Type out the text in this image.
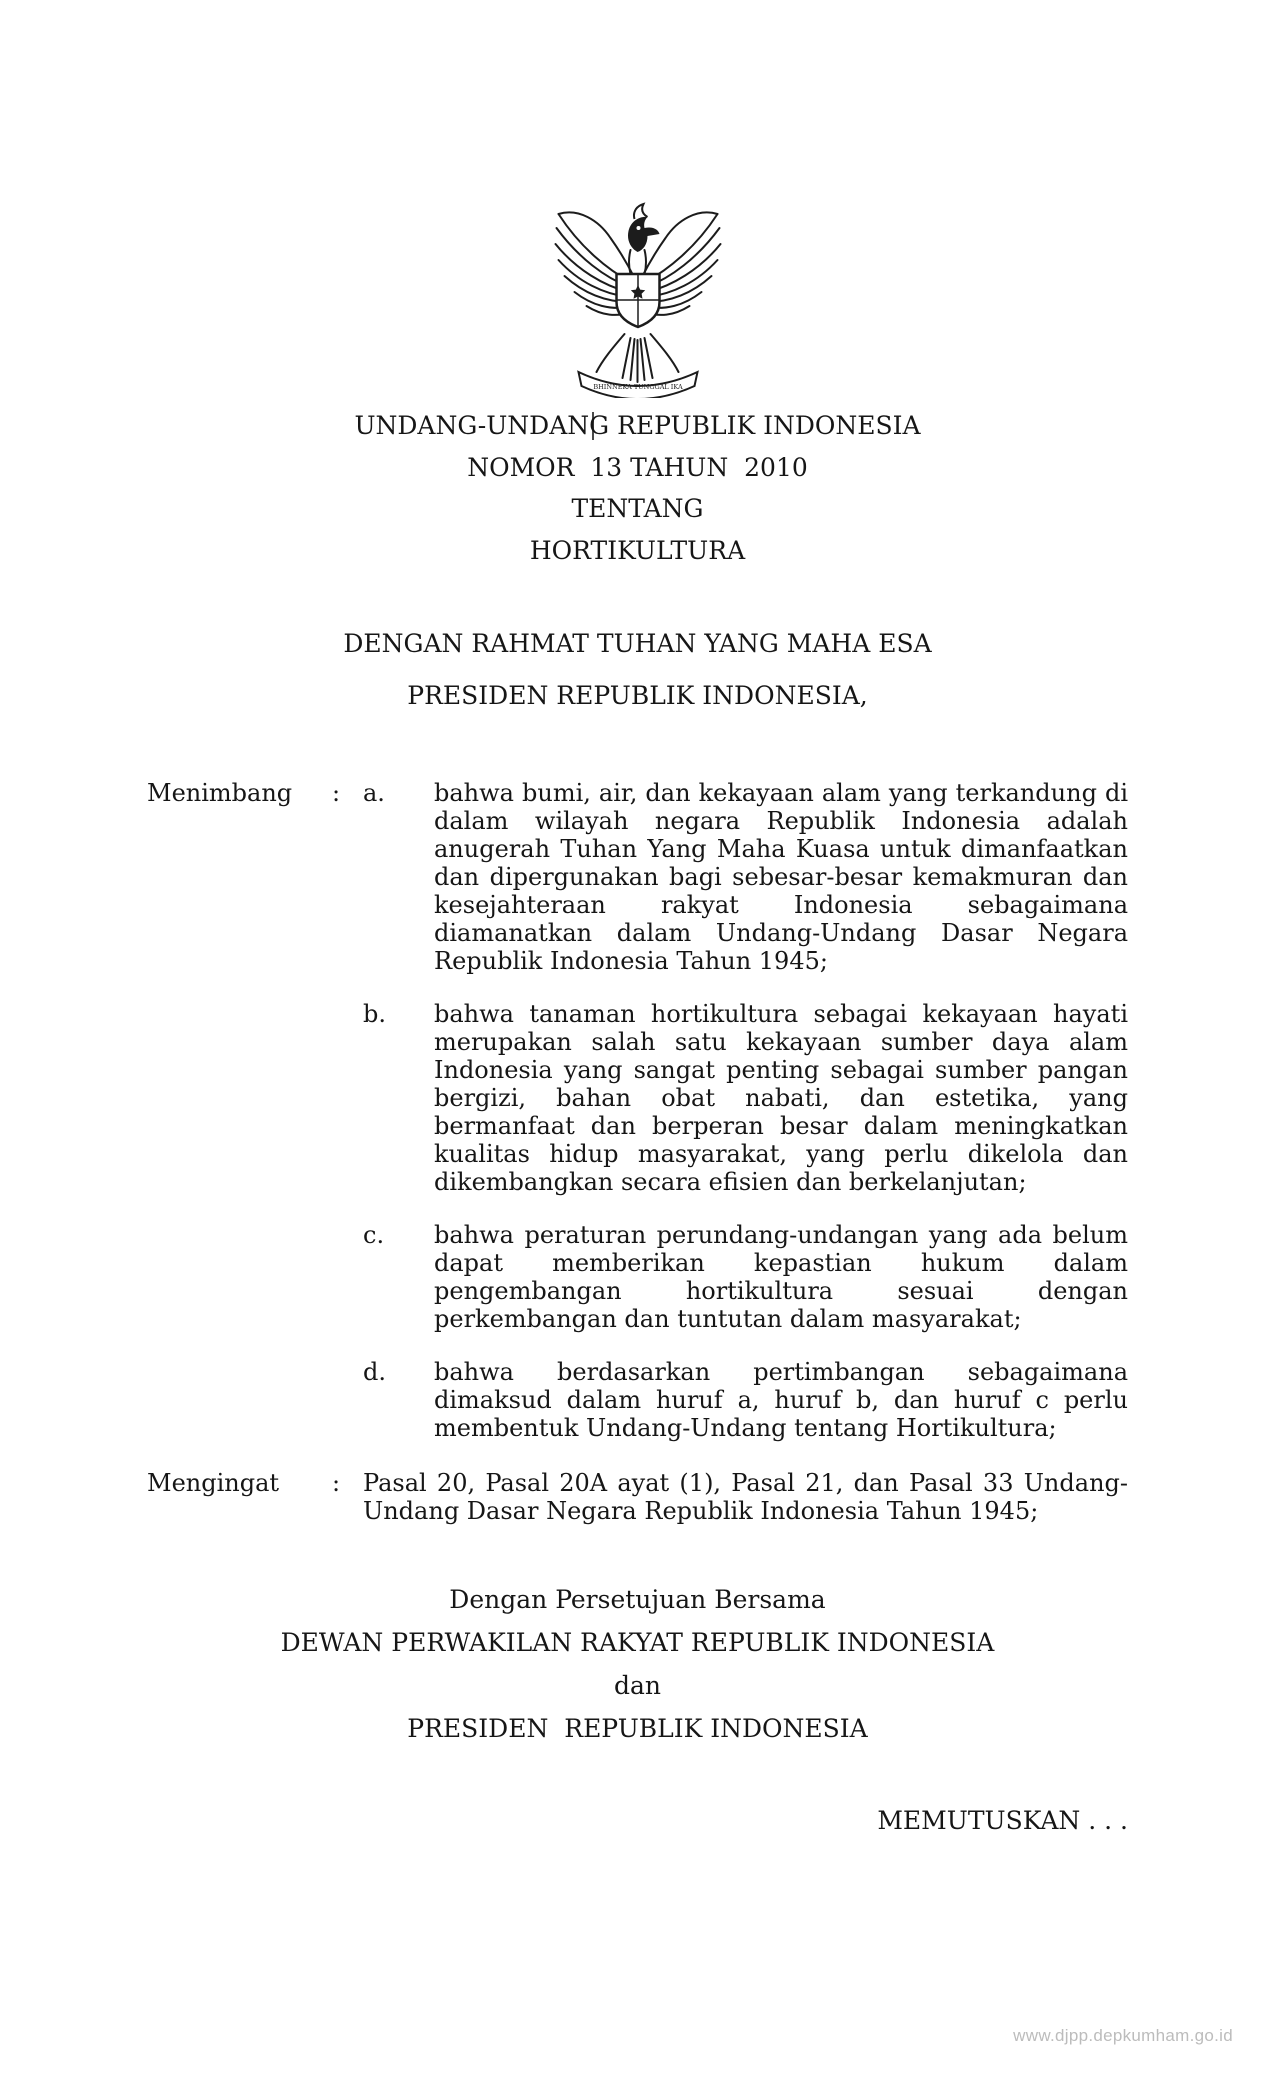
BHINNEKA TUNGGAL IKA
UNDANG-UNDANG REPUBLIK INDONESIA
NOMOR  13 TAHUN  2010
TENTANG
HORTIKULTURA
DENGAN RAHMAT TUHAN YANG MAHA ESA
PRESIDEN REPUBLIK INDONESIA,
Menimbang	: a.	bahwa bumi, air, dan kekayaan alam yang terkandung di dalam wilayah negara Republik Indonesia adalah anugerah Tuhan Yang Maha Kuasa untuk dimanfaatkan dan dipergunakan bagi sebesar-besar kemakmuran dan kesejahteraan rakyat Indonesia sebagaimana diamanatkan dalam Undang-Undang Dasar Negara Republik Indonesia Tahun 1945;
b.	bahwa tanaman hortikultura sebagai kekayaan hayati merupakan salah satu kekayaan sumber daya alam Indonesia yang sangat penting sebagai sumber pangan bergizi, bahan obat nabati, dan estetika, yang bermanfaat dan berperan besar dalam meningkatkan kualitas hidup masyarakat, yang perlu dikelola dan dikembangkan secara efisien dan berkelanjutan;
c.	bahwa peraturan perundang-undangan yang ada belum dapat memberikan kepastian hukum dalam pengembangan hortikultura sesuai dengan perkembangan dan tuntutan dalam masyarakat;
d.	bahwa berdasarkan pertimbangan sebagaimana dimaksud dalam huruf a, huruf b, dan huruf c perlu membentuk Undang-Undang tentang Hortikultura;
Mengingat	: Pasal 20, Pasal 20A ayat (1), Pasal 21, dan Pasal 33 Undang-Undang Dasar Negara Republik Indonesia Tahun 1945;
Dengan Persetujuan Bersama
DEWAN PERWAKILAN RAKYAT REPUBLIK INDONESIA
dan
PRESIDEN  REPUBLIK INDONESIA
MEMUTUSKAN . . .
www.djpp.depkumham.go.id
